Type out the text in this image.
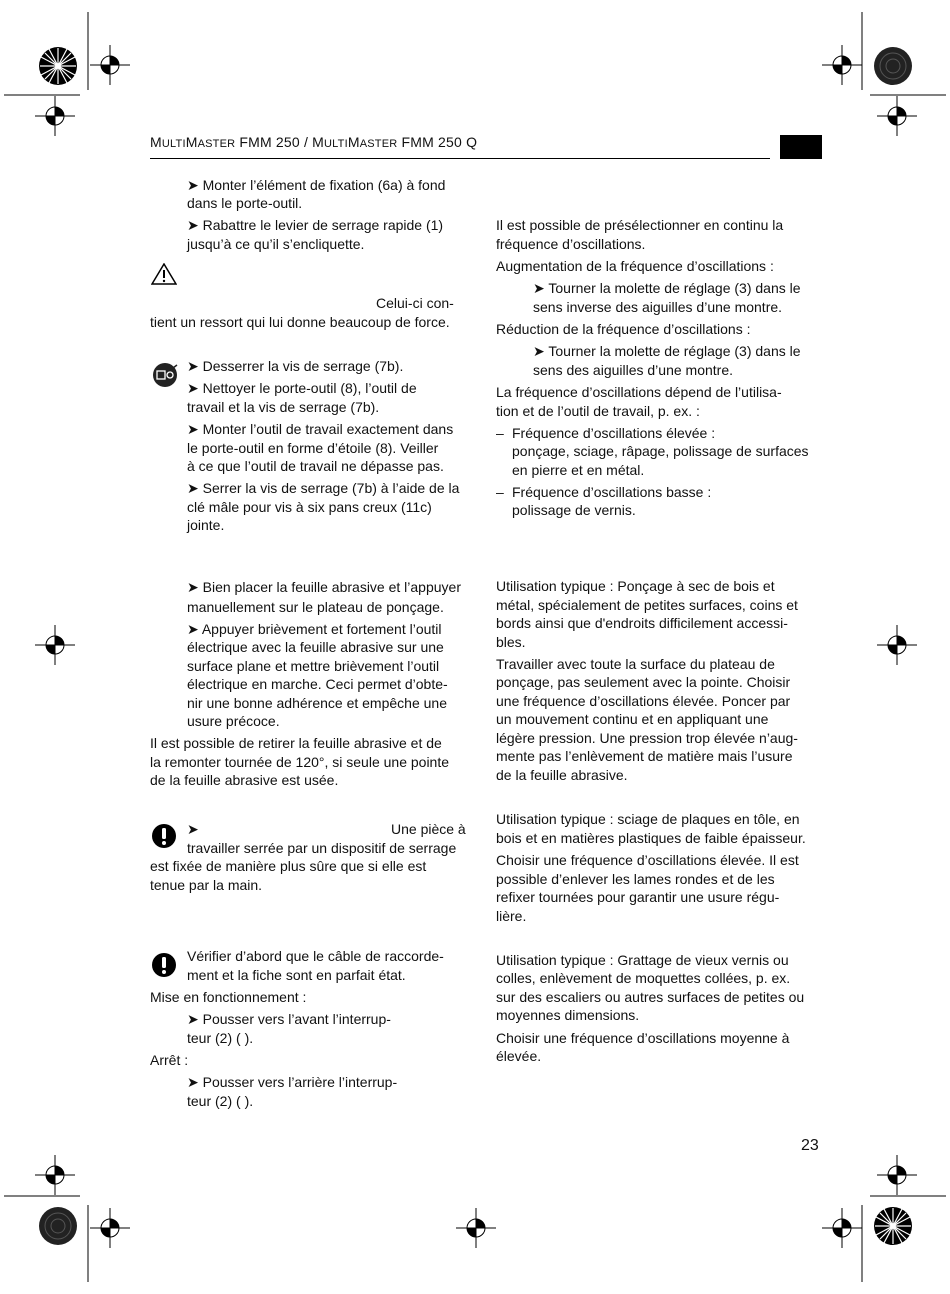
MULTIMASTER FMM 250 / MULTIMASTER FMM 250 Q
➤ Monter l’élément de fixation (6a) à fond
dans le porte-outil.
➤ Rabattre le levier de serrage rapide (1)
jusqu’à ce qu’il s’encliquette.
Celui-ci con-
tient un ressort qui lui donne beaucoup de force.
➤ Desserrer la vis de serrage (7b).
➤ Nettoyer le porte-outil (8), l’outil de
travail et la vis de serrage (7b).
➤ Monter l’outil de travail exactement dans
le porte-outil en forme d’étoile (8). Veiller
à ce que l’outil de travail ne dépasse pas.
➤ Serrer la vis de serrage (7b) à l’aide de la
clé mâle pour vis à six pans creux (11c)
jointe.
➤ Bien placer la feuille abrasive et l’appuyer
manuellement sur le plateau de ponçage.
➤ Appuyer brièvement et fortement l’outil
électrique avec la feuille abrasive sur une
surface plane et mettre brièvement l’outil
électrique en marche. Ceci permet d’obte-
nir une bonne adhérence et empêche une
usure précoce.
Il est possible de retirer la feuille abrasive et de
la remonter tournée de 120°, si seule une pointe
de la feuille abrasive est usée.
➤	Une pièce à
travailler serrée par un dispositif de serrage
est fixée de manière plus sûre que si elle est
tenue par la main.
Vérifier d’abord que le câble de raccorde-
ment et la fiche sont en parfait état.
Mise en fonctionnement :
➤ Pousser vers l’avant l’interrup-
teur (2) ( ).
Arrêt :
➤ Pousser vers l’arrière l’interrup-
teur (2) ( ).
Il est possible de présélectionner en continu la
fréquence d’oscillations.
Augmentation de la fréquence d’oscillations :
➤ Tourner la molette de réglage (3) dans le
sens inverse des aiguilles d’une montre.
Réduction de la fréquence d’oscillations :
➤ Tourner la molette de réglage (3) dans le
sens des aiguilles d’une montre.
La fréquence d’oscillations dépend de l’utilisa-
tion et de l’outil de travail, p. ex. :
– Fréquence d’oscillations élevée :
ponçage, sciage, râpage, polissage de surfaces
en pierre et en métal.
– Fréquence d’oscillations basse :
polissage de vernis.
Utilisation typique : Ponçage à sec de bois et
métal, spécialement de petites surfaces, coins et
bords ainsi que d'endroits difficilement accessi-
bles.
Travailler avec toute la surface du plateau de
ponçage, pas seulement avec la pointe. Choisir
une fréquence d’oscillations élevée. Poncer par
un mouvement continu et en appliquant une
légère pression. Une pression trop élevée n’aug-
mente pas l’enlèvement de matière mais l’usure
de la feuille abrasive.
Utilisation typique : sciage de plaques en tôle, en
bois et en matières plastiques de faible épaisseur.
Choisir une fréquence d’oscillations élevée. Il est
possible d’enlever les lames rondes et de les
refixer tournées pour garantir une usure régu-
lière.
Utilisation typique : Grattage de vieux vernis ou
colles, enlèvement de moquettes collées, p. ex.
sur des escaliers ou autres surfaces de petites ou
moyennes dimensions.
Choisir une fréquence d’oscillations moyenne à
élevée.
23
